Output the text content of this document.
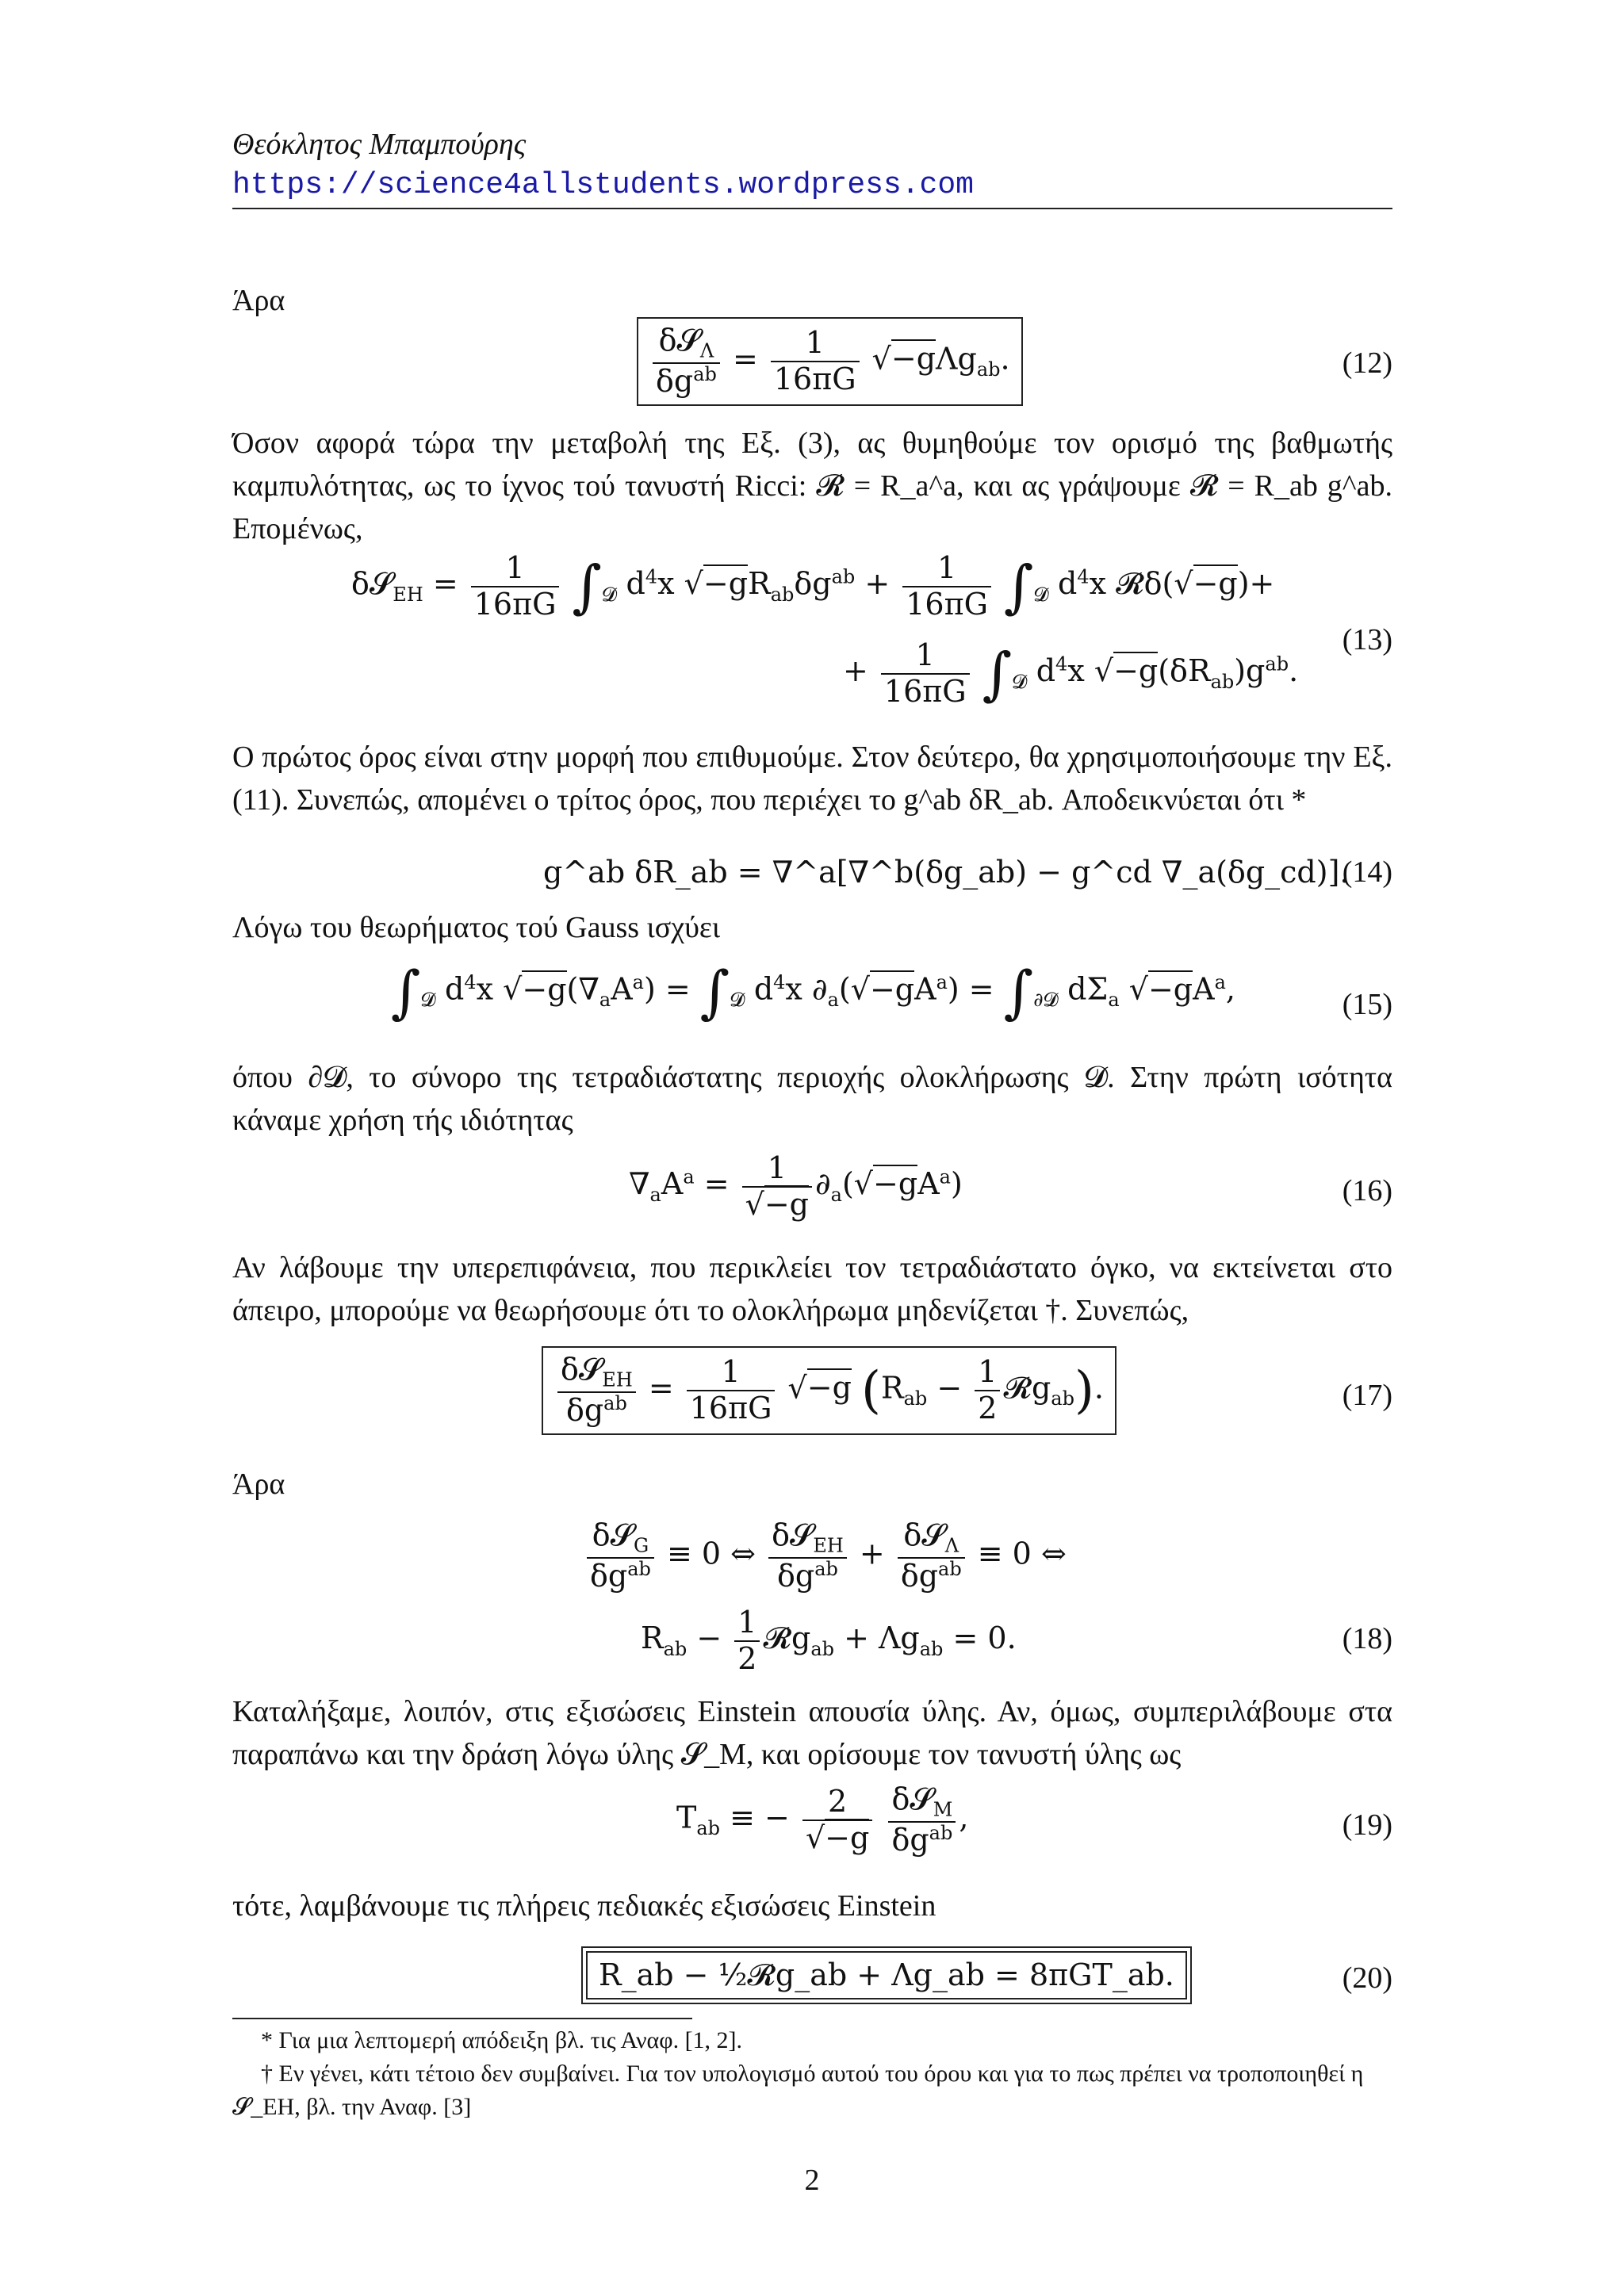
Θεόκλητος Μπαμπούρης
https://science4allstudents.wordpress.com
Άρα
$\frac{\delta 𝓢_\Lambda}{\delta g^{ab}} = \frac{1}{16\pi G} √-g\Lambda g_{ab}$.	(12)
Όσον αφορά τώρα την μεταβολή της Εξ. (3), ας θυμηθούμε τον ορισμό της βαθμωτής καμπυλότητας, ως το ίχνος τού τανυστή Ricci: 𝓡 = R_a^a, και ας γράψουμε 𝓡 = R_ab g^ab. Επομένως,
δ𝓢$_{EH}$ = $\frac{1}{16\pi G} \int_𝓓$ $d^4x$ $√-gR_{ab}\delta g^{ab} + \frac{1}{16\pi G} \int_𝓓$ $d^4x$ 𝓡δ(√−g)+
+ $\frac{1}{16\pi G} \int_𝓓$ $d^4x$ $√-g(\delta R_{ab})g^{ab}$.
(13)
Ο πρώτος όρος είναι στην μορφή που επιθυμούμε. Στον δεύτερο, θα χρησιμοποιήσουμε την Εξ. (11). Συνεπώς, απομένει ο τρίτος όρος, που περιέχει το g^ab δR_ab. Αποδεικνύεται ότι *
g^ab δR_ab = ∇^a[∇^b(δg_ab) − g^cd ∇_a(δg_cd)].
(14)
Λόγω του θεωρήματος τού Gauss ισχύει
$\int_𝓓$ $d^4x$ $√-g(\nabla_aA^a) = \int_𝓓$ $d^4x$ $\partial_a(√-gA^a) = \int_{\partial 𝓓}$ $d\Sigma_a$ $√-gA^a$,	(15)
όπου ∂𝓓, το σύνορο της τετραδιάστατης περιοχής ολοκλήρωσης 𝓓. Στην πρώτη ισότητα κάναμε χρήση τής ιδιότητας
$\nabla_aA^a = \frac{1}{√-g} \partial_a(√-gA^a)$	(16)
Αν λάβουμε την υπερεπιφάνεια, που περικλείει τον τετραδιάστατο όγκο, να εκτείνεται στο άπειρο, μπορούμε να θεωρήσουμε ότι το ολοκλήρωμα μηδενίζεται †. Συνεπώς,
$\frac{\delta 𝓢_{EH}}{\delta g^{ab}} = \frac{1}{16\pi G} √-g$ ($R_{ab} - \frac{1}{2}$ 𝓡g$_{ab}$).	(17)
Άρα
$\frac{\delta 𝓢_G}{\delta g^{ab}} \equiv 0$ ⇔ $\frac{\delta 𝓢_{EH}}{\delta g^{ab}} + \frac{\delta 𝓢_\Lambda}{\delta g^{ab}} \equiv 0$ ⇔
$R_{ab} - \frac{1}{2}$ 𝓡g$_{ab}$ + $\Lambda g_{ab} = 0$.	(18)
Καταλήξαμε, λοιπόν, στις εξισώσεις Einstein απουσία ύλης. Αν, όμως, συμπεριλάβουμε στα παραπάνω και την δράση λόγω ύλης 𝓢_M, και ορίσουμε τον τανυστή ύλης ως
$T_{ab}$ ≡ − $\frac{2}{√-g}$
$\frac{\delta 𝓢_M}{\delta g^{ab}}$ ,	(19)
τότε, λαμβάνουμε τις πλήρεις πεδιακές εξισώσεις Einstein
R_ab − ½𝓡g_ab + Λg_ab = 8πGT_ab.	(20)
* Για μια λεπτομερή απόδειξη βλ. τις Αναφ. [1, 2].
† Εν γένει, κάτι τέτοιο δεν συμβαίνει. Για τον υπολογισμό αυτού του όρου και για το πως πρέπει να τροποποιηθεί η 𝓢_EH, βλ. την Αναφ. [3]
2
